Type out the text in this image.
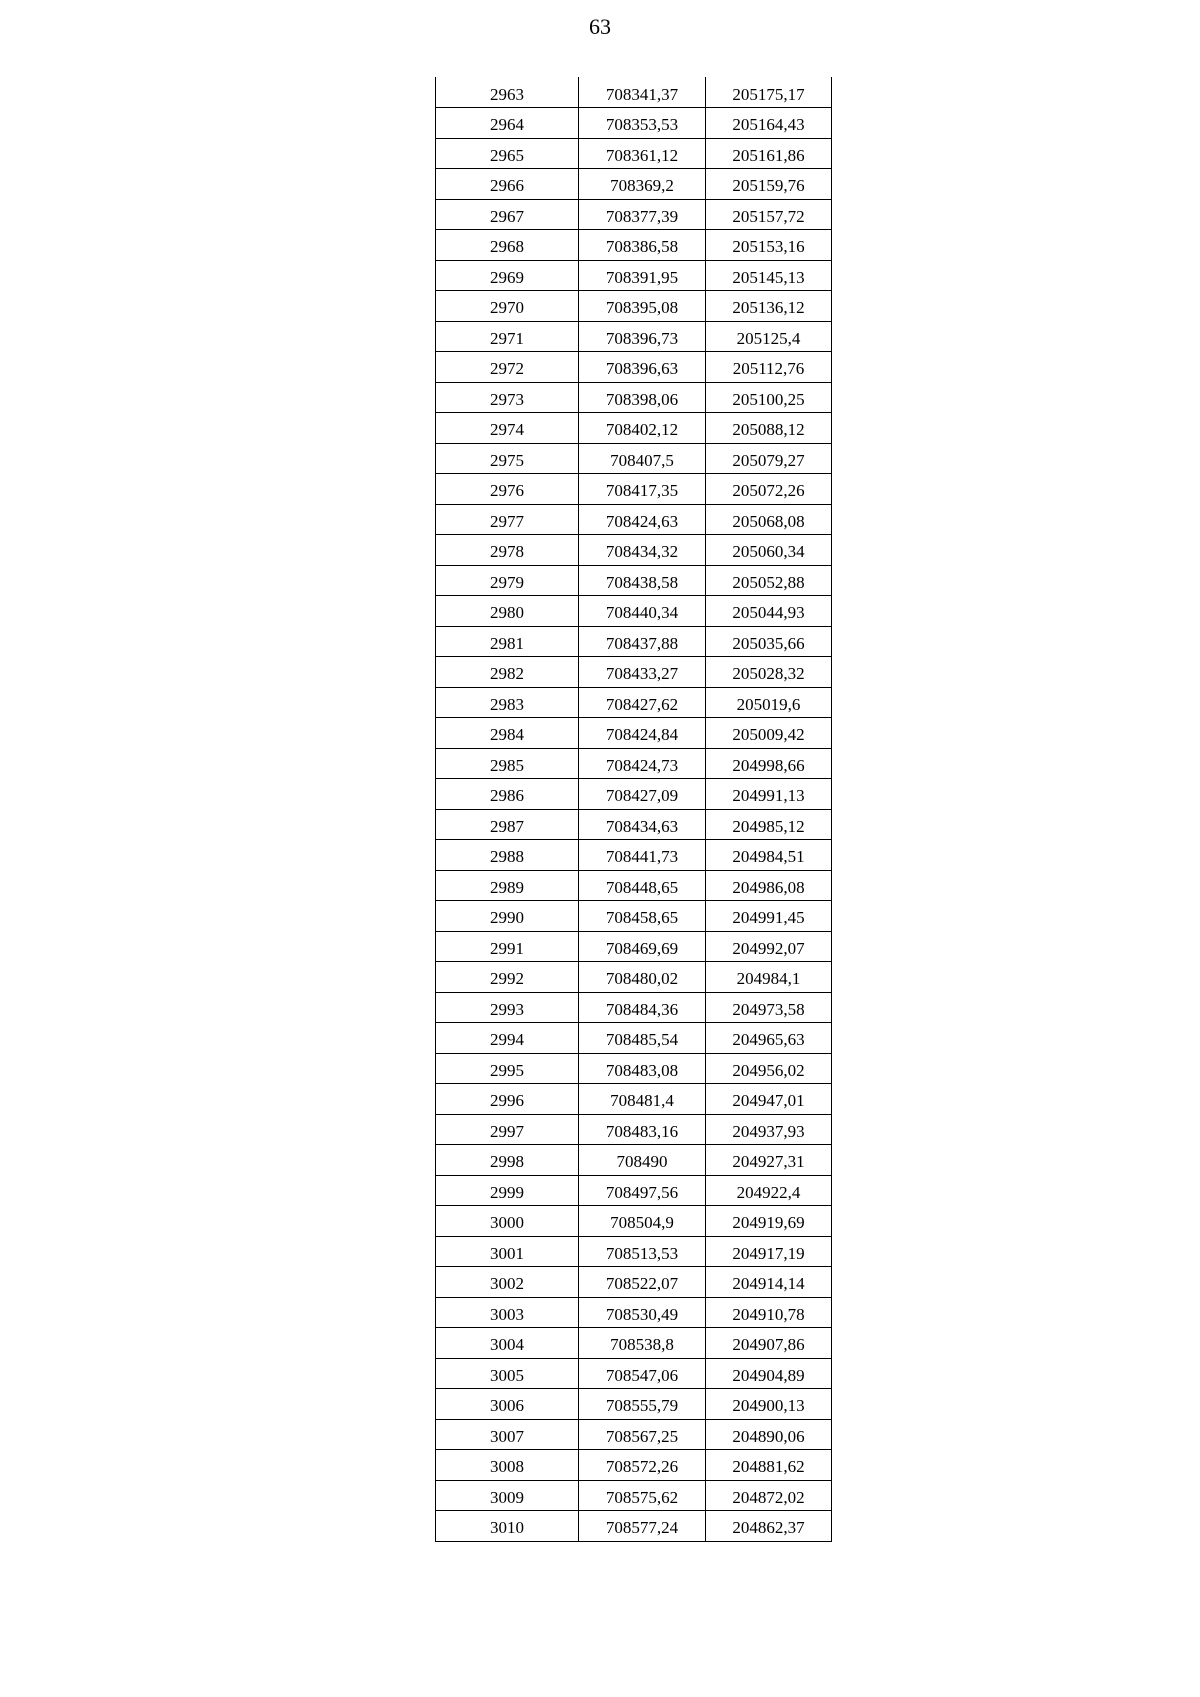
63
2963	708341,37	205175,17
2964	708353,53	205164,43
2965	708361,12	205161,86
2966	708369,2	205159,76
2967	708377,39	205157,72
2968	708386,58	205153,16
2969	708391,95	205145,13
2970	708395,08	205136,12
2971	708396,73	205125,4
2972	708396,63	205112,76
2973	708398,06	205100,25
2974	708402,12	205088,12
2975	708407,5	205079,27
2976	708417,35	205072,26
2977	708424,63	205068,08
2978	708434,32	205060,34
2979	708438,58	205052,88
2980	708440,34	205044,93
2981	708437,88	205035,66
2982	708433,27	205028,32
2983	708427,62	205019,6
2984	708424,84	205009,42
2985	708424,73	204998,66
2986	708427,09	204991,13
2987	708434,63	204985,12
2988	708441,73	204984,51
2989	708448,65	204986,08
2990	708458,65	204991,45
2991	708469,69	204992,07
2992	708480,02	204984,1
2993	708484,36	204973,58
2994	708485,54	204965,63
2995	708483,08	204956,02
2996	708481,4	204947,01
2997	708483,16	204937,93
2998	708490	204927,31
2999	708497,56	204922,4
3000	708504,9	204919,69
3001	708513,53	204917,19
3002	708522,07	204914,14
3003	708530,49	204910,78
3004	708538,8	204907,86
3005	708547,06	204904,89
3006	708555,79	204900,13
3007	708567,25	204890,06
3008	708572,26	204881,62
3009	708575,62	204872,02
3010	708577,24	204862,37
